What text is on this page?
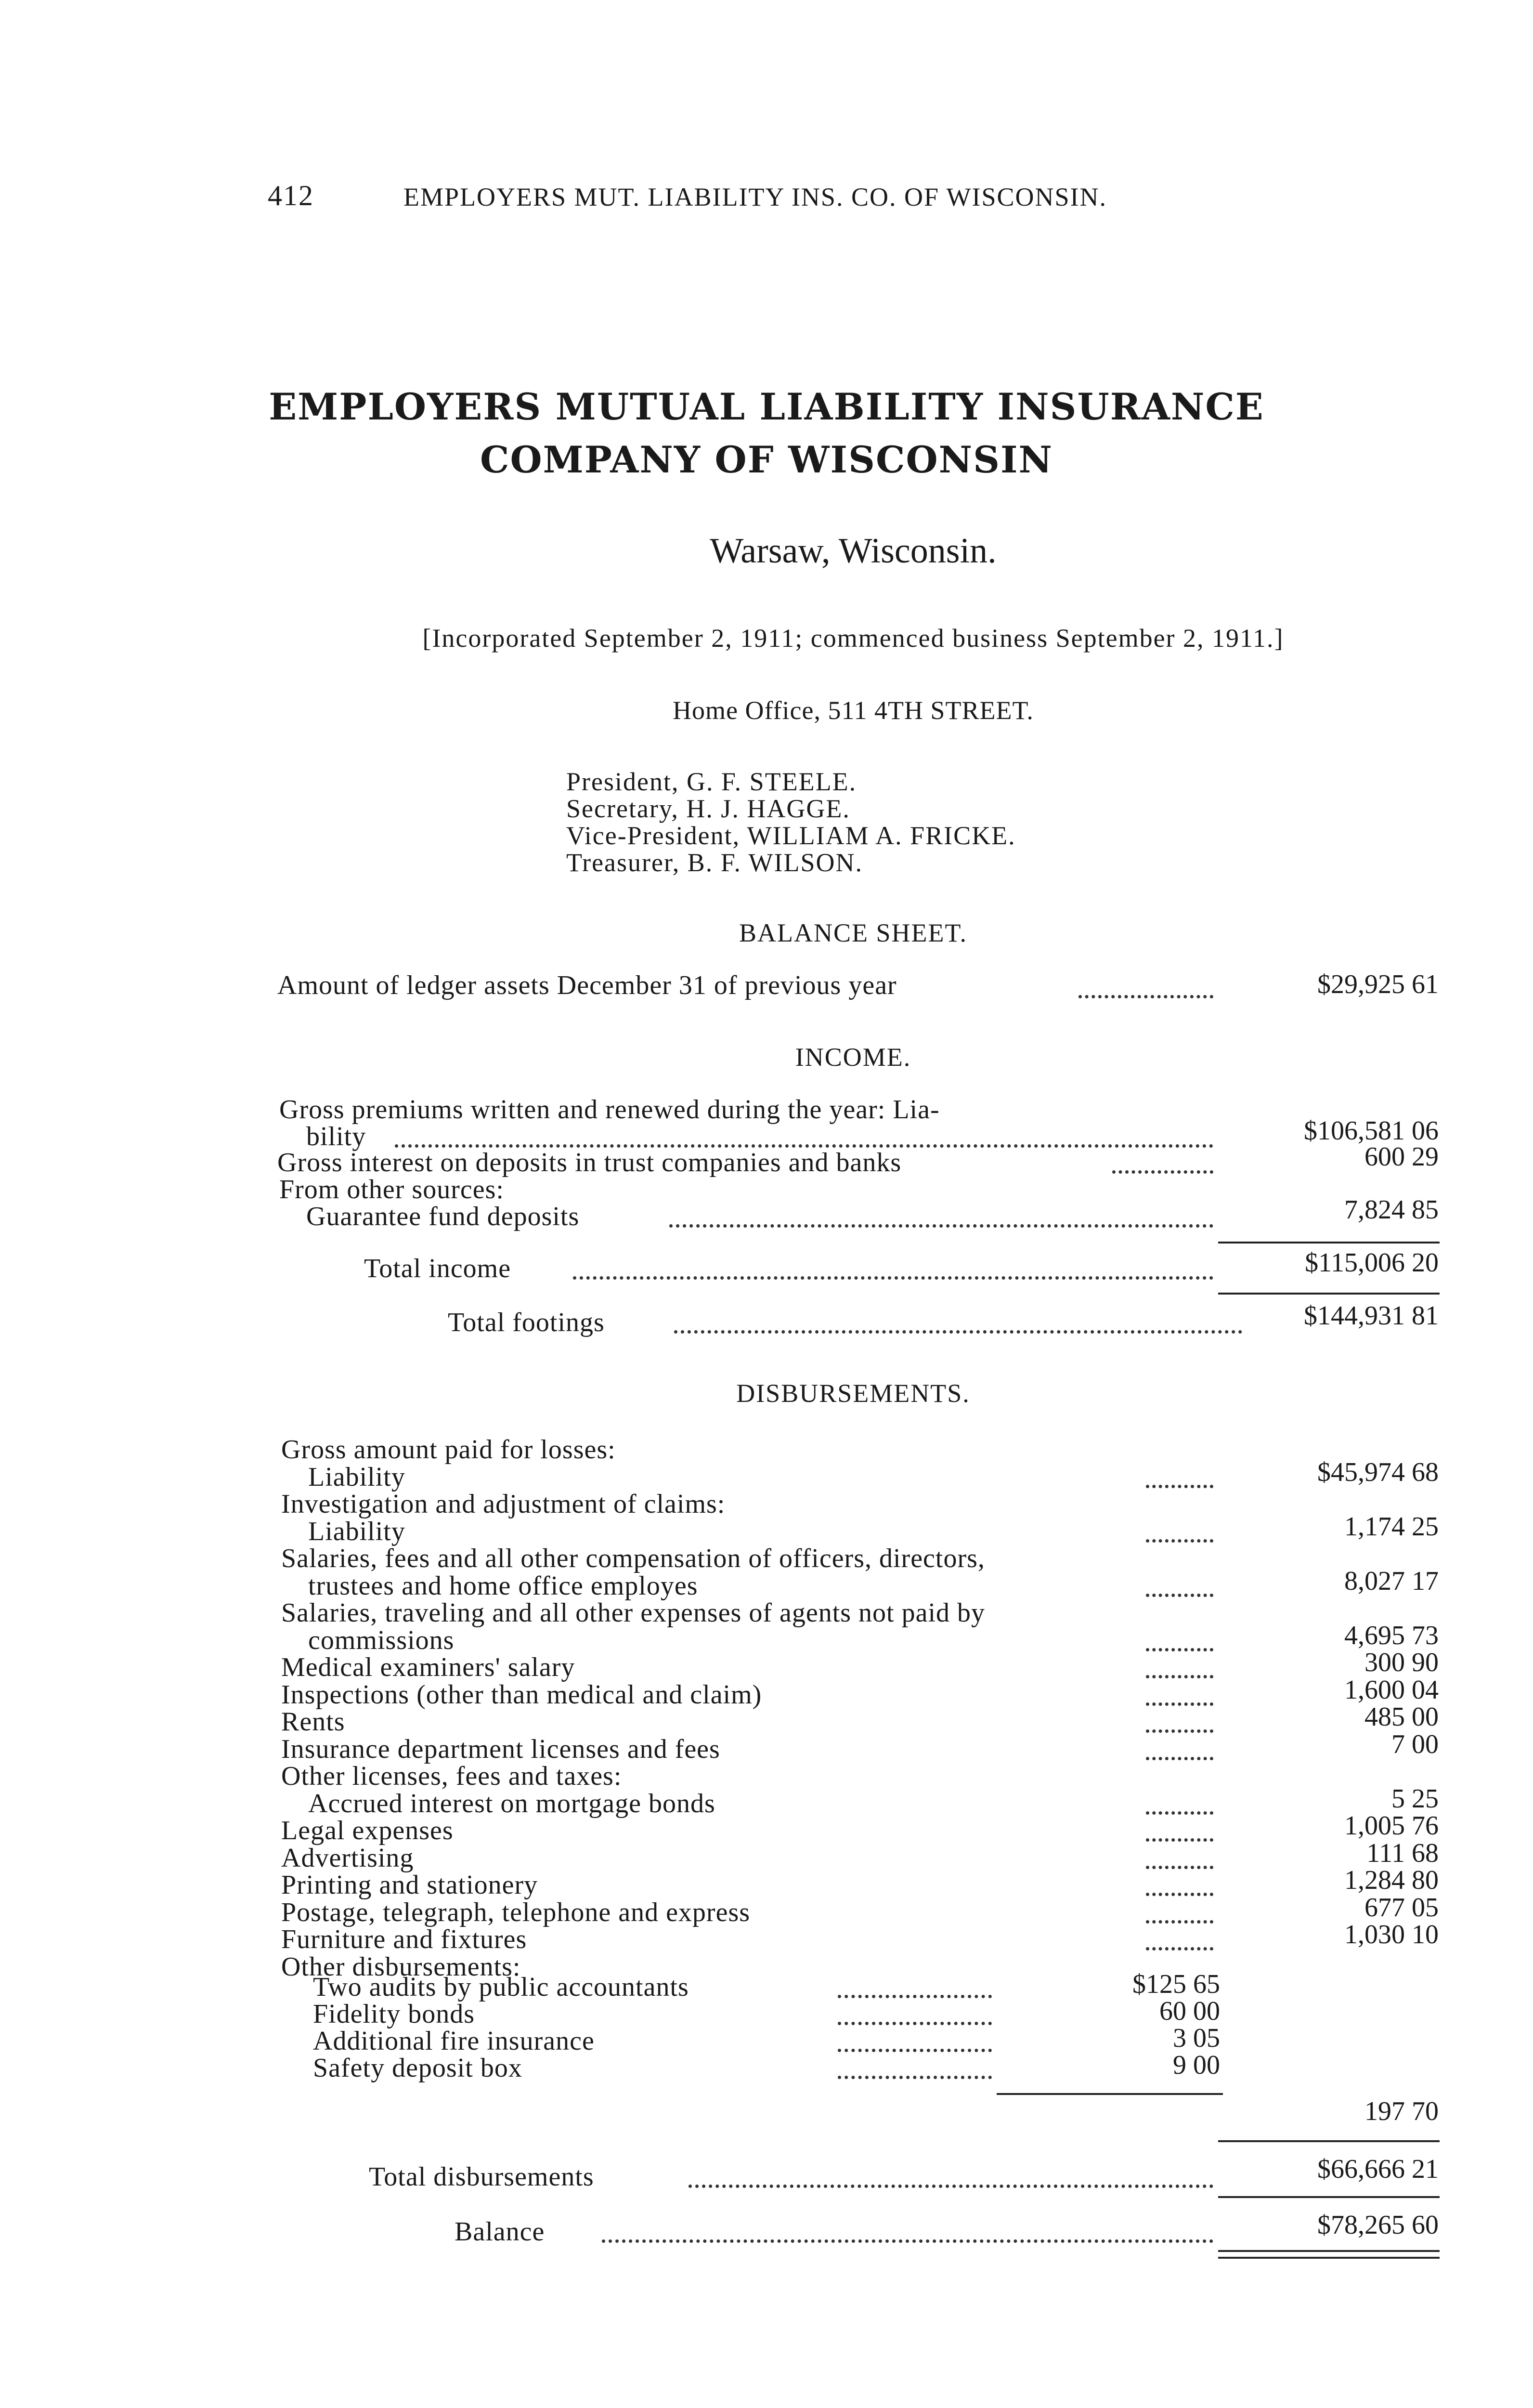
412	EMPLOYERS MUT. LIABILITY INS. CO. OF WISCONSIN.
EMPLOYERS MUTUAL LIABILITY INSURANCE
COMPANY OF WISCONSIN
Warsaw, Wisconsin.
[Incorporated September 2, 1911; commenced business September 2, 1911.]
Home Office, 511 4TH STREET.
President, G. F. STEELE.
Secretary, H. J. HAGGE.
Vice-President, WILLIAM A. FRICKE.
Treasurer, B. F. WILSON.
BALANCE SHEET.
Amount of ledger assets December 31 of previous year	$29,925 61
INCOME.
Gross premiums written and renewed during the year: Lia-
bility	$106,581 06
Gross interest on deposits in trust companies and banks	600 29
From other sources:
Guarantee fund deposits	7,824 85
Total income	$115,006 20
Total footings	$144,931 81
DISBURSEMENTS.
Gross amount paid for losses:
Liability	$45,974 68
Investigation and adjustment of claims:
Liability	1,174 25
Salaries, fees and all other compensation of officers, directors,
trustees and home office employes	8,027 17
Salaries, traveling and all other expenses of agents not paid by
commissions	4,695 73
Medical examiners' salary	300 90
Inspections (other than medical and claim)	1,600 04
Rents	485 00
Insurance department licenses and fees	7 00
Other licenses, fees and taxes:
Accrued interest on mortgage bonds	5 25
Legal expenses	1,005 76
Advertising	111 68
Printing and stationery	1,284 80
Postage, telegraph, telephone and express	677 05
Furniture and fixtures	1,030 10
Other disbursements:
Two audits by public accountants	$125 65
Fidelity bonds	60 00
Additional fire insurance	3 05
Safety deposit box	9 00
197 70
Total disbursements	$66,666 21
Balance	$78,265 60
